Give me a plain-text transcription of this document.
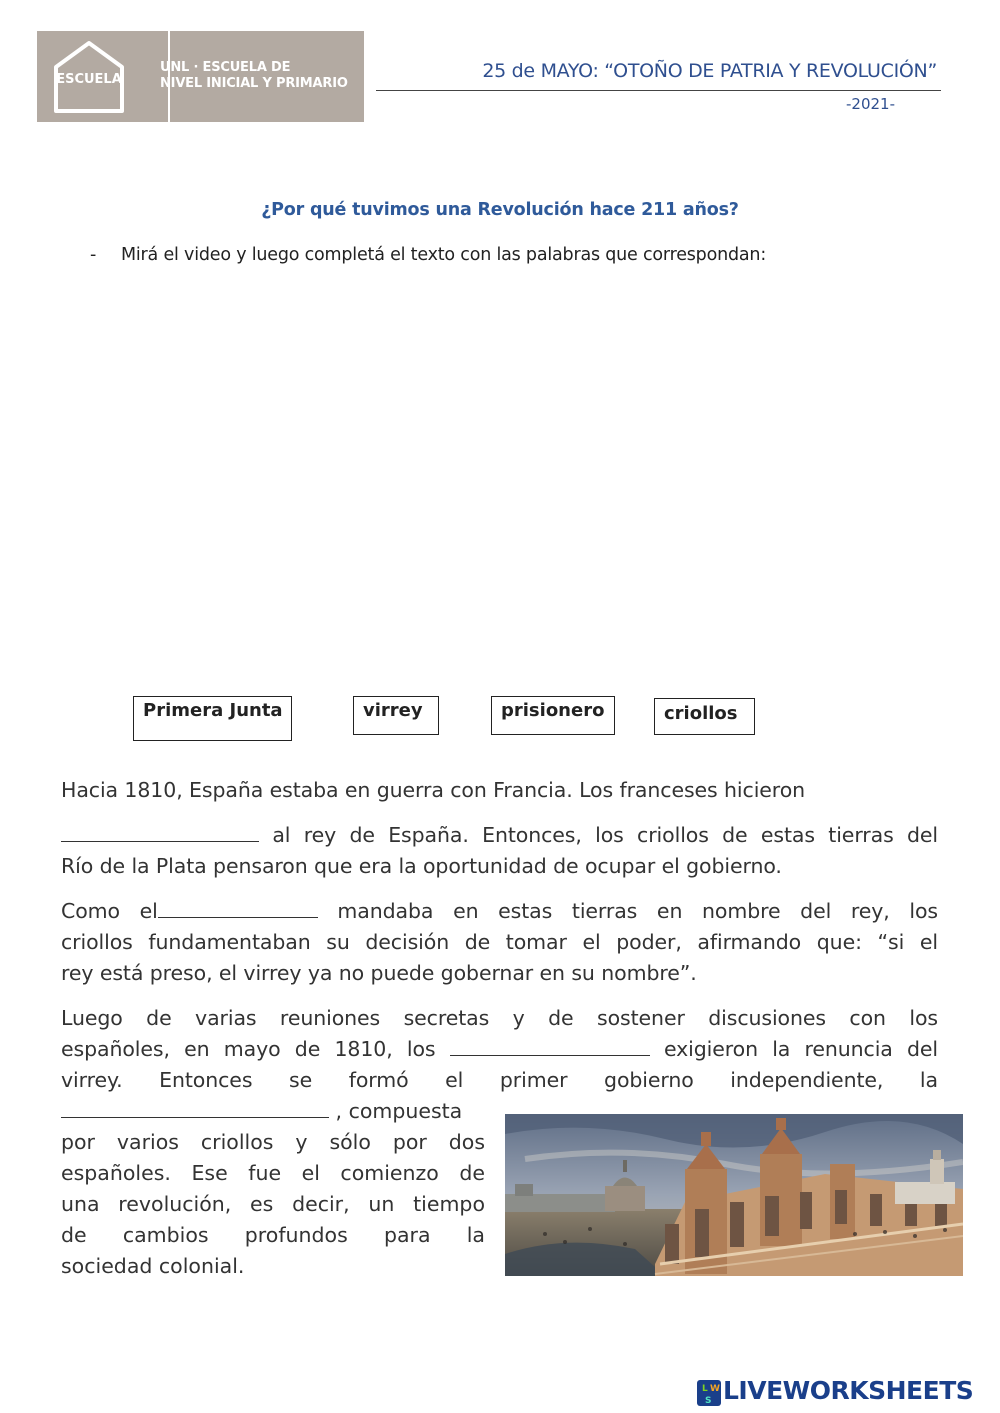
ESCUELA
UNL · ESCUELA DE
NIVEL INICIAL Y PRIMARIO
25 de MAYO: “OTOÑO DE PATRIA Y REVOLUCIÓN”
-2021-
¿Por qué tuvimos una Revolución hace 211 años?
- Mirá el video y luego completá el texto con las palabras que correspondan:
Primera Junta	virrey	prisionero	criollos
Hacia 1810, España estaba en guerra con Francia. Los franceses hicieron
al rey de España. Entonces, los criollos de estas tierras del
Río de la Plata pensaron que era la oportunidad de ocupar el gobierno.
Como el	mandaba en estas tierras en nombre del rey, los
criollos fundamentaban su decisión de tomar el poder, afirmando que: “si el
rey está preso, el virrey ya no puede gobernar en su nombre”.
Luego de varias reuniones secretas y de sostener discusiones con los
españoles, en mayo de 1810, los	exigieron la renuncia del
virrey. Entonces se formó el primer gobierno independiente, la
, compuesta
por varios criollos y sólo por dos
españoles. Ese fue el comienzo de
una revolución, es decir, un tiempo
de cambios profundos para la
sociedad colonial.
L W
S LIVEWORKSHEETS
